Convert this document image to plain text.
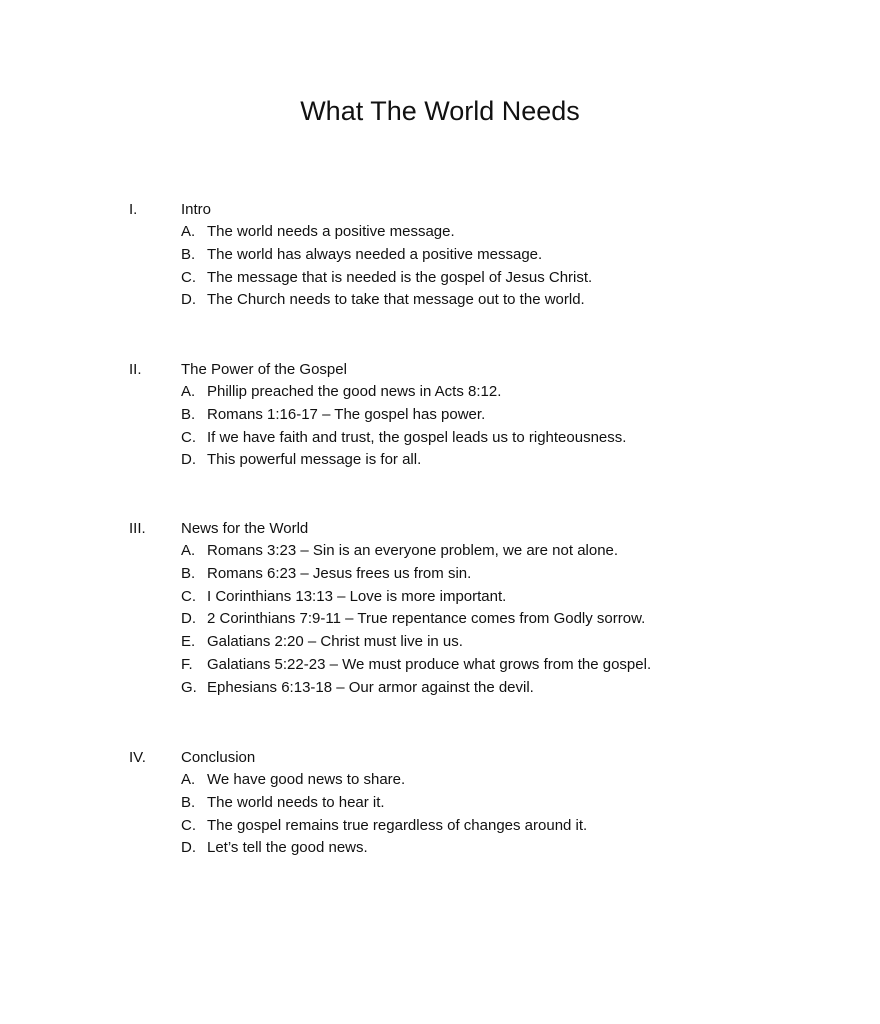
What The World Needs
I.	Intro
A. The world needs a positive message.
B. The world has always needed a positive message.
C. The message that is needed is the gospel of Jesus Christ.
D. The Church needs to take that message out to the world.
II.	The Power of the Gospel
A. Phillip preached the good news in Acts 8:12.
B. Romans 1:16-17 – The gospel has power.
C. If we have faith and trust, the gospel leads us to righteousness.
D. This powerful message is for all.
III. News for the World
A. Romans 3:23 – Sin is an everyone problem, we are not alone.
B. Romans 6:23 – Jesus frees us from sin.
C. I Corinthians 13:13 – Love is more important.
D. 2 Corinthians 7:9-11 – True repentance comes from Godly sorrow.
E. Galatians 2:20 – Christ must live in us.
F. Galatians 5:22-23 – We must produce what grows from the gospel.
G. Ephesians 6:13-18 – Our armor against the devil.
IV. Conclusion
A. We have good news to share.
B. The world needs to hear it.
C. The gospel remains true regardless of changes around it.
D. Let’s tell the good news.
